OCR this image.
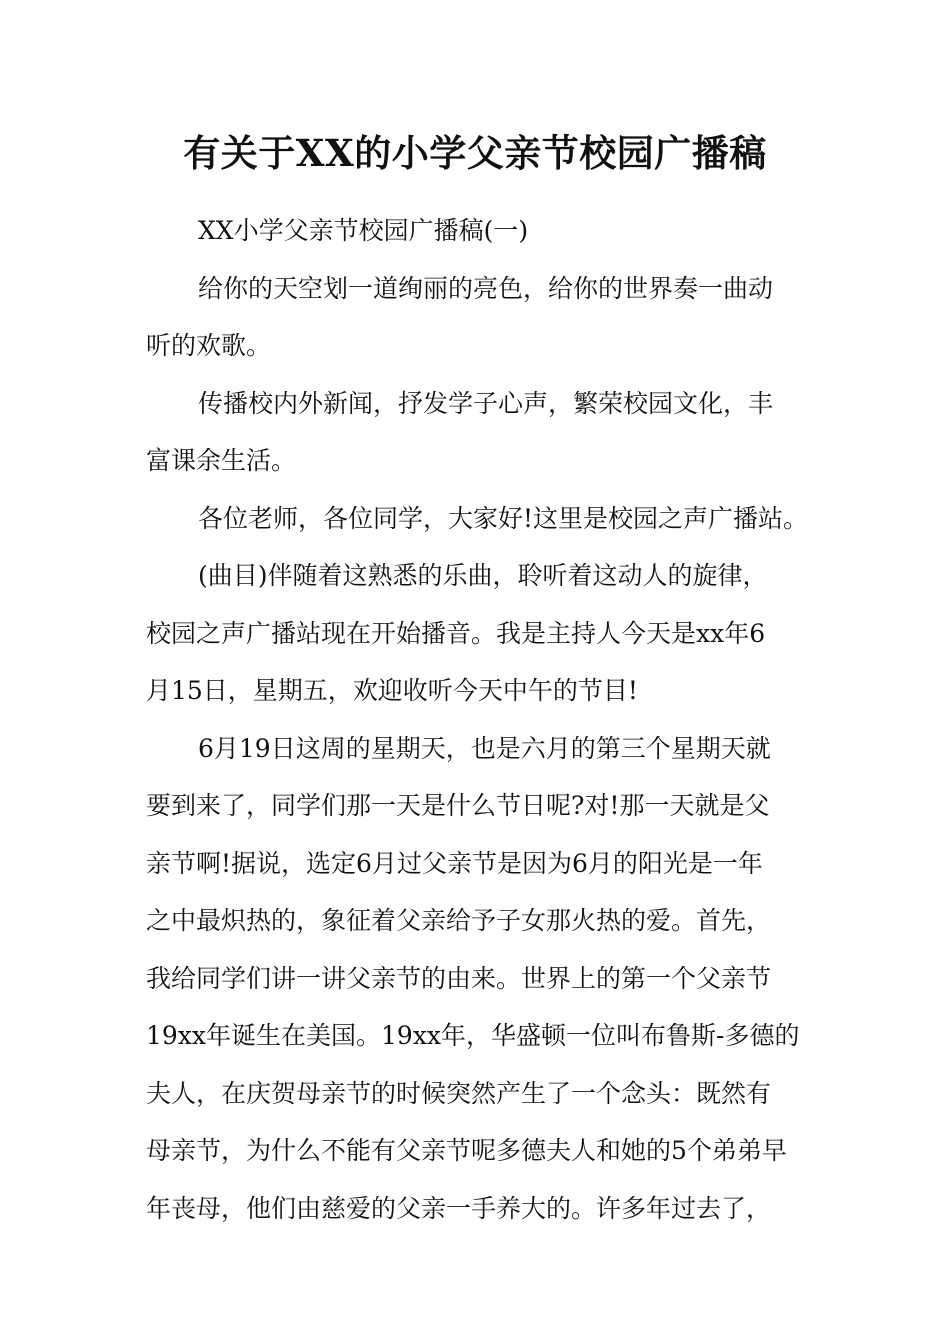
有关于XX的小学父亲节校园广播稿
XX小学父亲节校园广播稿(一)
给你的天空划一道绚丽的亮色，给你的世界奏一曲动
听的欢歌。
传播校内外新闻，抒发学子心声，繁荣校园文化，丰
富课余生活。
各位老师，各位同学，大家好!这里是校园之声广播站。
(曲目)伴随着这熟悉的乐曲，聆听着这动人的旋律，
校园之声广播站现在开始播音。我是主持人今天是xx年6
月15日，星期五，欢迎收听今天中午的节目!
6月19日这周的星期天，也是六月的第三个星期天就
要到来了，同学们那一天是什么节日呢?对!那一天就是父
亲节啊!据说，选定6月过父亲节是因为6月的阳光是一年
之中最炽热的，象征着父亲给予子女那火热的爱。首先，
我给同学们讲一讲父亲节的由来。世界上的第一个父亲节
19xx年诞生在美国。19xx年，华盛顿一位叫布鲁斯-多德的
夫人，在庆贺母亲节的时候突然产生了一个念头：既然有
母亲节，为什么不能有父亲节呢多德夫人和她的5个弟弟早
年丧母，他们由慈爱的父亲一手养大的。许多年过去了，
